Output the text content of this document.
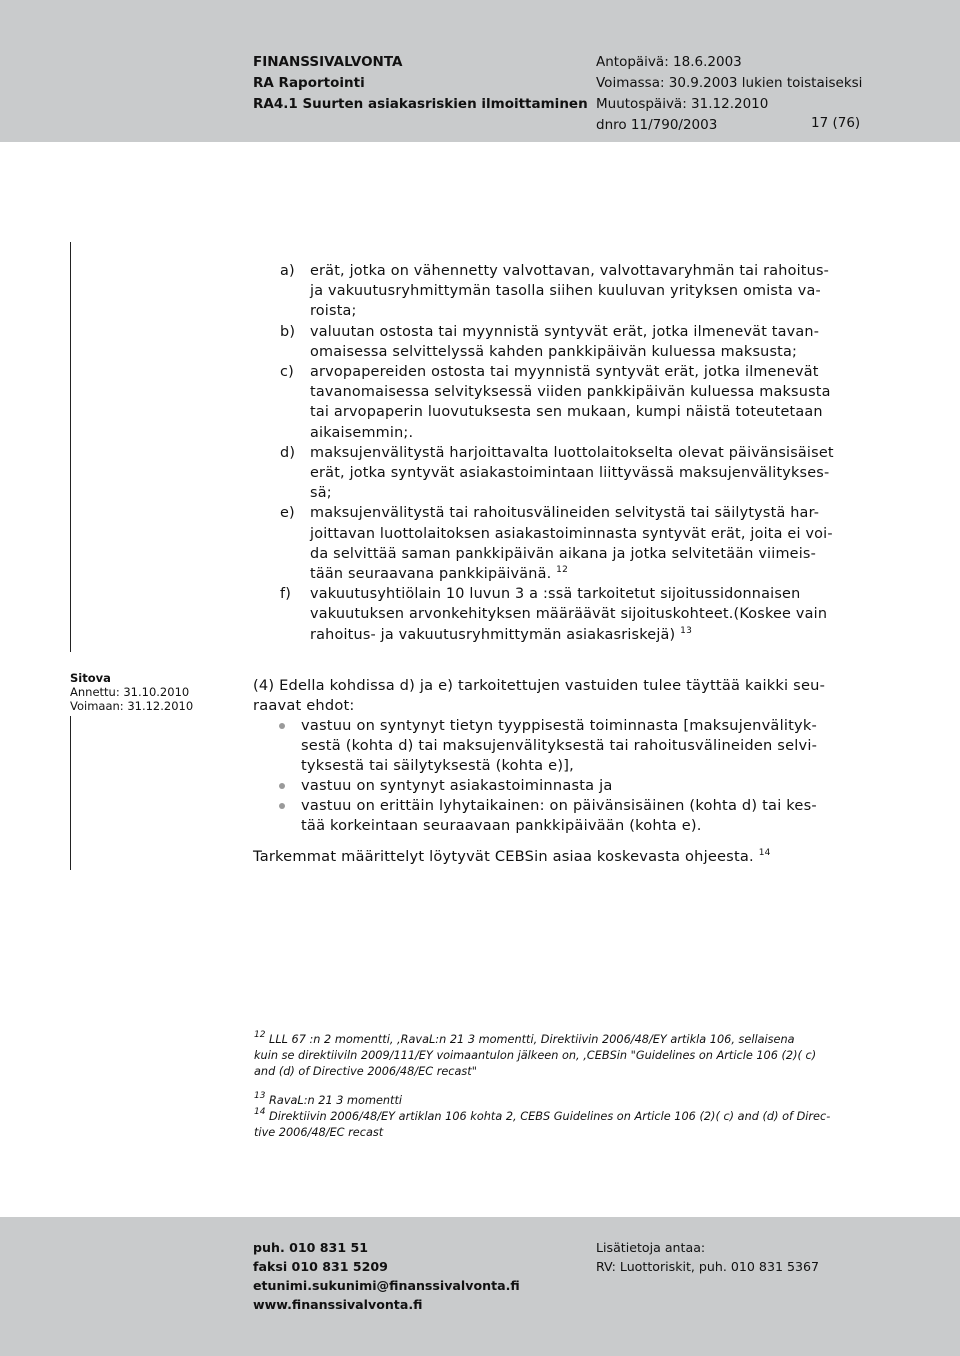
FINANSSIVALVONTA
RA Raportointi
RA4.1 Suurten asiakasriskien ilmoittaminen
Antopäivä: 18.6.2003
Voimassa: 30.9.2003 lukien toistaiseksi
Muutospäivä: 31.12.2010
dnro 11/790/2003	17 (76)
a)	erät, jotka on vähennetty valvottavan, valvottavaryhmän tai rahoitus-
ja vakuutusryhmittymän tasolla siihen kuuluvan yrityksen omista va-
roista;
b)	valuutan ostosta tai myynnistä syntyvät erät, jotka ilmenevät tavan-
omaisessa selvittelyssä kahden pankkipäivän kuluessa maksusta;
c)	arvopapereiden ostosta tai myynnistä syntyvät erät, jotka ilmenevät
tavanomaisessa selvityksessä viiden pankkipäivän kuluessa maksusta
tai arvopaperin luovutuksesta sen mukaan, kumpi näistä toteutetaan
aikaisemmin;.
d)	maksujenvälitystä harjoittavalta luottolaitokselta olevat päivänsisäiset
erät, jotka syntyvät asiakastoimintaan liittyvässä maksujenvälitykses-
sä;
e)	maksujenvälitystä tai rahoitusvälineiden selvitystä tai säilytystä har-
joittavan luottolaitoksen asiakastoiminnasta syntyvät erät, joita ei voi-
da selvittää saman pankkipäivän aikana ja jotka selvitetään viimeis-
tään seuraavana pankkipäivänä. $^{12}$
f)	vakuutusyhtiölain 10 luvun 3 a :ssä tarkoitetut sijoitussidonnaisen
vakuutuksen arvonkehityksen määräävät sijoituskohteet.(Koskee vain
rahoitus- ja vakuutusryhmittymän asiakasriskejä) $^{13}$
Sitova
Annettu: 31.10.2010
Voimaan: 31.12.2010
(4) Edella kohdissa d) ja e) tarkoitettujen vastuiden tulee täyttää kaikki seu-
raavat ehdot:
vastuu on syntynyt tietyn tyyppisestä toiminnasta [maksujenvälityk-
sestä (kohta d) tai maksujenvälityksestä tai rahoitusvälineiden selvi-
tyksestä tai säilytyksestä (kohta e)],
vastuu on syntynyt asiakastoiminnasta ja
vastuu on erittäin lyhytaikainen: on päivänsisäinen (kohta d) tai kes-
tää korkeintaan seuraavaan pankkipäivään (kohta e).
Tarkemmat määrittelyt löytyvät CEBSin asiaa koskevasta ohjeesta. $^{14}$
$^{12}$ LLL 67 :n 2 momentti, ,RavaL:n 21 3 momentti, Direktiivin 2006/48/EY artikla 106, sellaisena
kuin se direktiiviln 2009/111/EY voimaantulon jälkeen on, ,CEBSin "Guidelines on Article 106 (2)( c)
and (d) of Directive 2006/48/EC recast"
$^{13}$ RavaL:n 21 3 momentti
$^{14}$ Direktiivin 2006/48/EY artiklan 106 kohta 2, CEBS Guidelines on Article 106 (2)( c) and (d) of Direc-
tive 2006/48/EC recast
puh. 010 831 51
faksi 010 831 5209
etunimi.sukunimi@finanssivalvonta.fi
www.finanssivalvonta.fi
Lisätietoja antaa:
RV: Luottoriskit, puh. 010 831 5367
